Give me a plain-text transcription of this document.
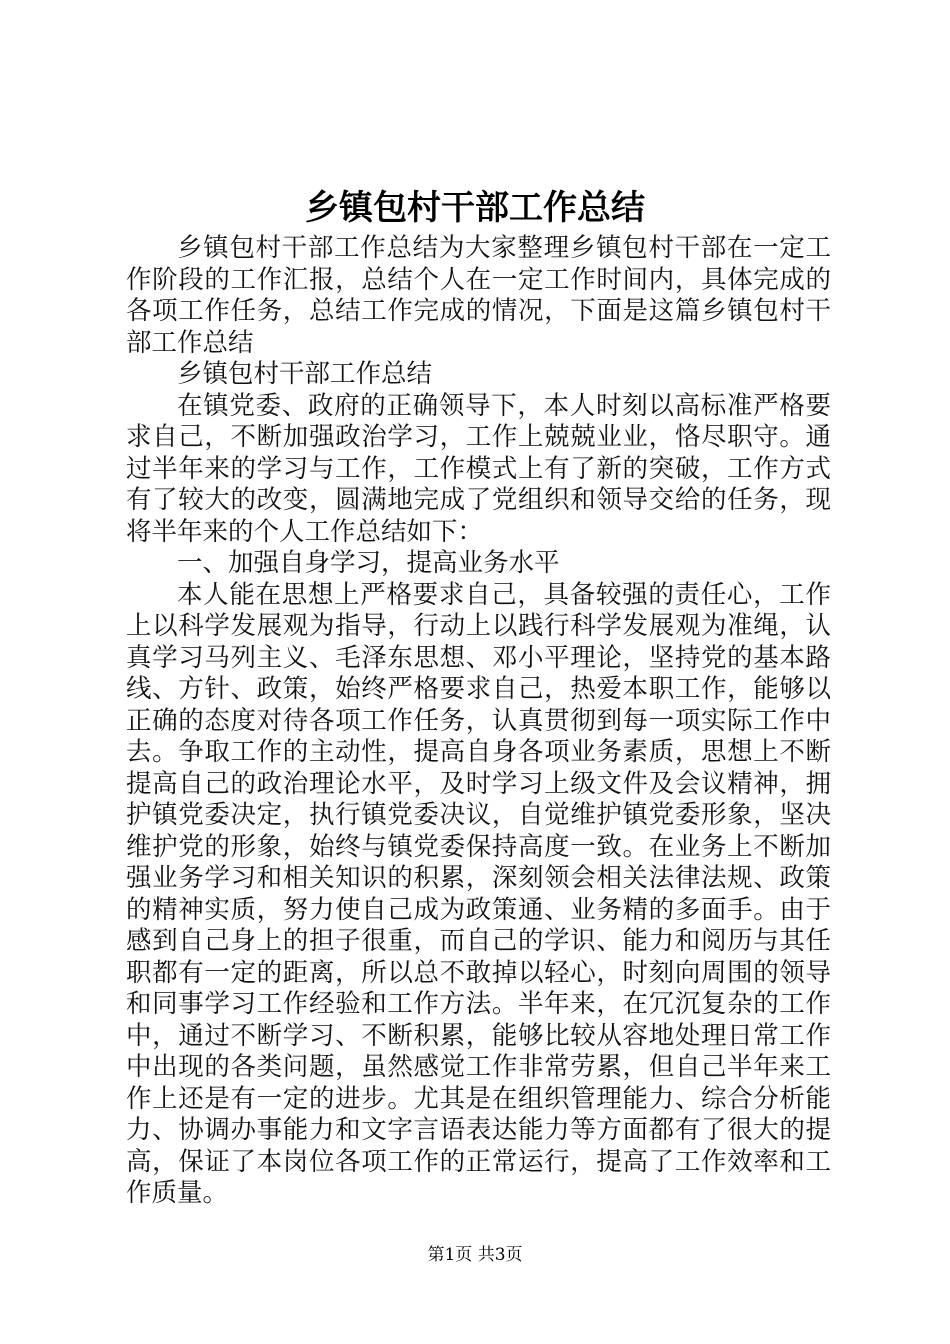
乡镇包村干部工作总结

乡镇包村干部工作总结为大家整理乡镇包村干部在一定工作阶段的工作汇报，总结个人在一定工作时间内，具体完成的各项工作任务，总结工作完成的情况，下面是这篇乡镇包村干部工作总结

乡镇包村干部工作总结

在镇党委、政府的正确领导下，本人时刻以高标准严格要求自己，不断加强政治学习，工作上兢兢业业，恪尽职守。通过半年来的学习与工作，工作模式上有了新的突破，工作方式有了较大的改变，圆满地完成了党组织和领导交给的任务，现将半年来的个人工作总结如下：

一、加强自身学习，提高业务水平

本人能在思想上严格要求自己，具备较强的责任心，工作上以科学发展观为指导，行动上以践行科学发展观为准绳，认真学习马列主义、毛泽东思想、邓小平理论，坚持党的基本路线、方针、政策，始终严格要求自己，热爱本职工作，能够以正确的态度对待各项工作任务，认真贯彻到每一项实际工作中去。争取工作的主动性，提高自身各项业务素质，思想上不断提高自己的政治理论水平，及时学习上级文件及会议精神，拥护镇党委决定，执行镇党委决议，自觉维护镇党委形象，坚决维护党的形象，始终与镇党委保持高度一致。在业务上不断加强业务学习和相关知识的积累，深刻领会相关法律法规、政策的精神实质，努力使自己成为政策通、业务精的多面手。由于感到自己身上的担子很重，而自己的学识、能力和阅历与其任职都有一定的距离，所以总不敢掉以轻心，时刻向周围的领导和同事学习工作经验和工作方法。半年来，在冗沉复杂的工作中，通过不断学习、不断积累，能够比较从容地处理日常工作中出现的各类问题，虽然感觉工作非常劳累，但自己半年来工作上还是有一定的进步。尤其是在组织管理能力、综合分析能力、协调办事能力和文字言语表达能力等方面都有了很大的提高，保证了本岗位各项工作的正常运行，提高了工作效率和工作质量。

第1页 共3页
